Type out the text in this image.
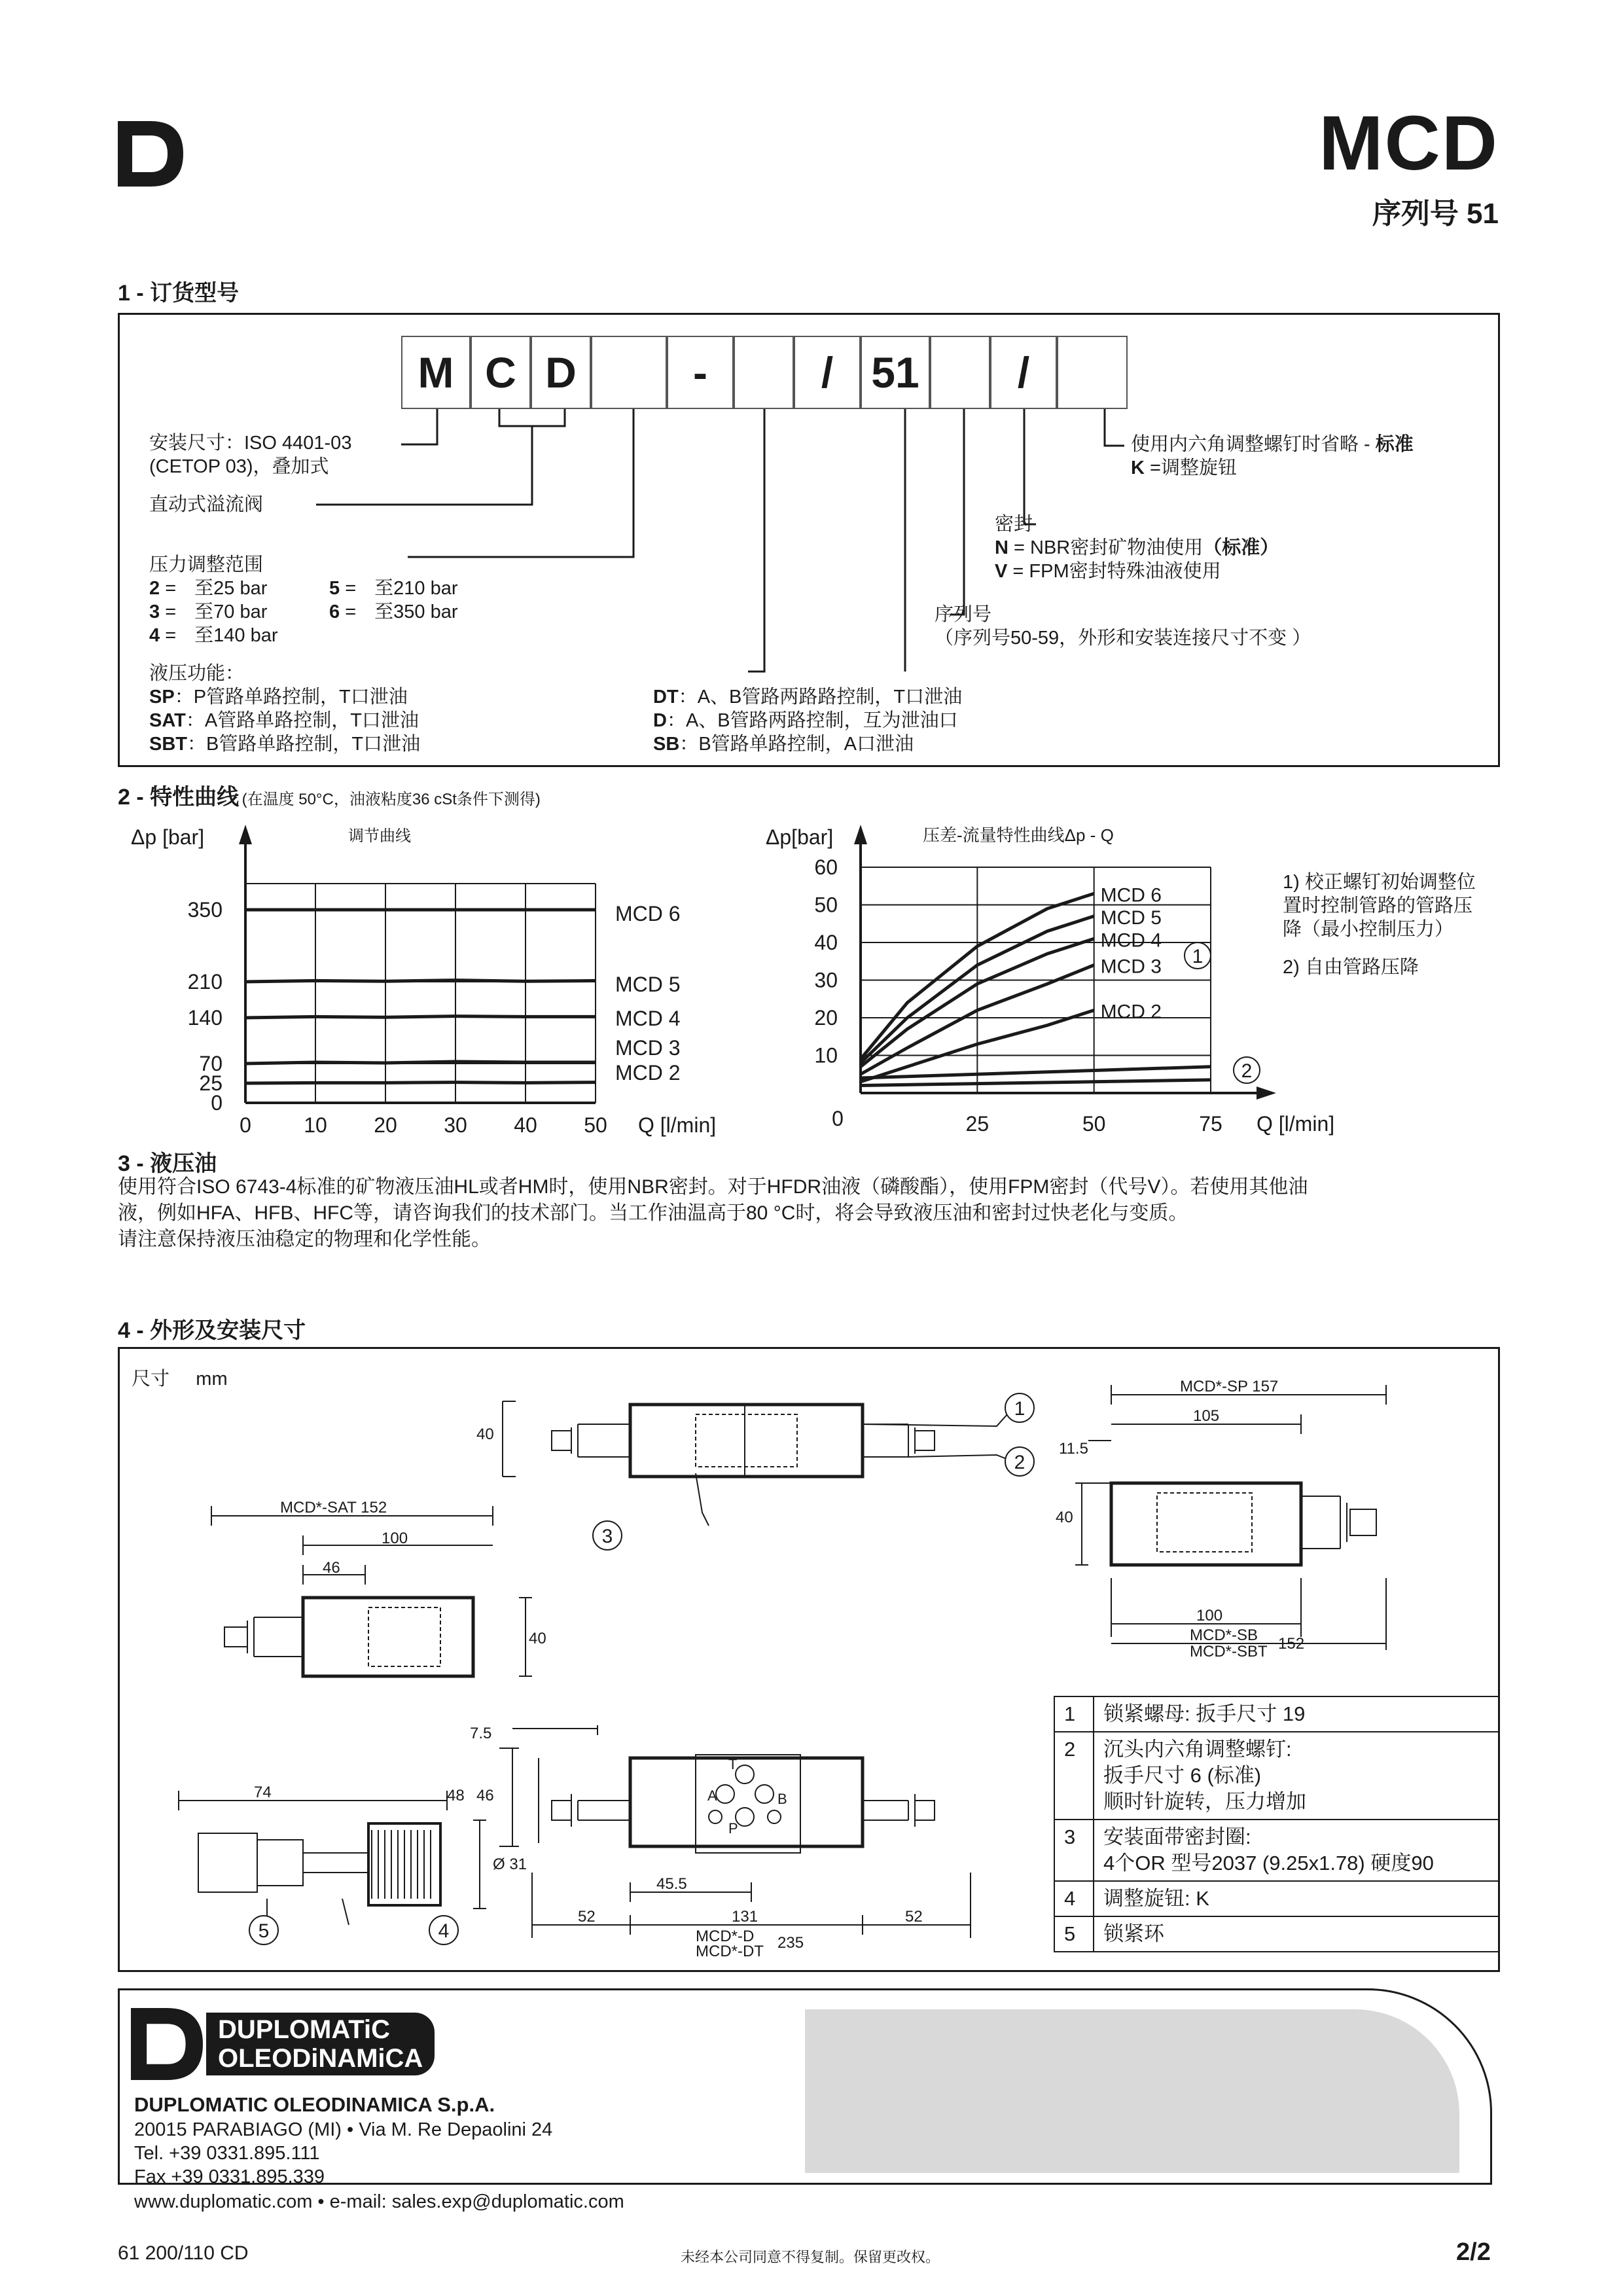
MCD
序列号 51
1 - 订货型号
M C D	-	/ 51	/
安装尺寸：ISO 4401-03
(CETOP 03)，叠加式
直动式溢流阀
压力调整范围
2 = 至25 bar
3 = 至70 bar
4 = 至140 bar
5 = 至210 bar
6 = 至350 bar
液压功能：
SP：P管路单路控制，T口泄油
SAT：A管路单路控制，T口泄油
SBT：B管路单路控制，T口泄油
DT：A、B管路两路路控制，T口泄油
D：A、B管路两路控制，互为泄油口
SB：B管路单路控制，A口泄油
使用内六角调整螺钉时省略 - 标准
K =调整旋钮
密封
N = NBR密封矿物油使用（标准）
V = FPM密封特殊油液使用
序列号
（序列号50-59，外形和安装连接尺寸不变 ）
2 - 特性曲线 (在温度 50°C，油液粘度36 cSt条件下测得)
0	10 20 30 40 50
0
25
70
140
210
350
Δp [bar]
Q [l/min]
调节曲线
MCD 6
MCD 5
MCD 4
MCD 3
MCD 2
0	25	50	75
10
20
30
40
50
60
Δp[bar]
Q [l/min]
压差-流量特性曲线Δp - Q
MCD 6
MCD 5
MCD 4
MCD 3
MCD 2
1
2
1) 校正螺钉初始调整位
置时控制管路的管路压
降（最小控制压力）
2) 自由管路压降
3 - 液压油
使用符合ISO 6743-4标准的矿物液压油HL或者HM时，使用NBR密封。对于HFDR油液（磷酸酯），使用FPM密封（代号V）。若使用其他油
液，例如HFA、HFB、HFC等，请咨询我们的技术部门。当工作油温高于80 °C时，将会导致液压油和密封过快老化与变质。
请注意保持液压油稳定的物理和化学性能。
4 - 外形及安装尺寸
尺寸     mm
40
MCD*-SAT 152
100
46
40
MCD*-SP 157
105
11.5
40
100
MCD*-SB
MCD*-SBT 152
74
Ø 31
7.5
48 46
45.5
52	131	52
MCD*-D
MCD*-DT 235
T
A	B
P
1
2
3
4
5
1	锁紧螺母: 扳手尺寸 19

2	沉头内六角调整螺钉:
扳手尺寸 6 (标准)
顺时针旋转，压力增加

3	安装面带密封圈:
4个OR 型号2037 (9.25x1.78) 硬度90

4	调整旋钮: K

5	锁紧环
DUPLOMATiC
OLEODiNAMiCA
DUPLOMATIC OLEODINAMICA S.p.A.
20015 PARABIAGO (MI) • Via M. Re Depaolini 24
Tel. +39 0331.895.111
Fax +39 0331.895.339
www.duplomatic.com • e-mail: sales.exp@duplomatic.com
61 200/110 CD	未经本公司同意不得复制。保留更改权。	2/2
